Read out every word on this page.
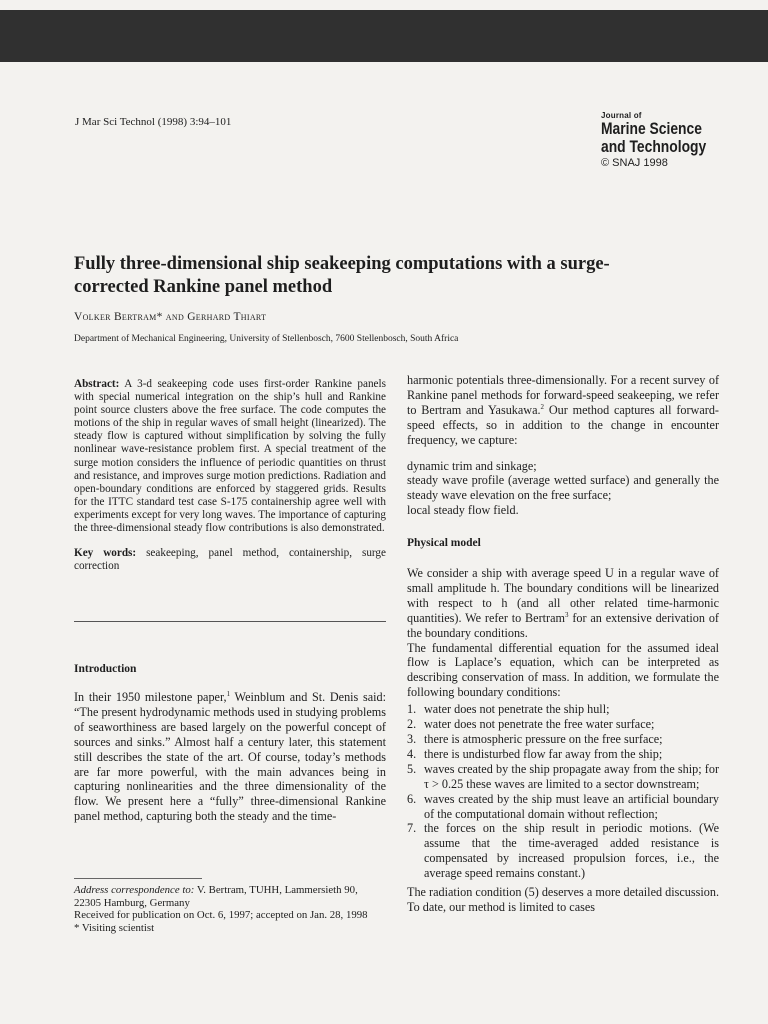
J Mar Sci Technol (1998) 3:94–101
Journal of
Marine Science
and Technology
© SNAJ 1998
Fully three-dimensional ship seakeeping computations with a surge-corrected Rankine panel method
Volker Bertram* and Gerhard Thiart
Department of Mechanical Engineering, University of Stellenbosch, 7600 Stellenbosch, South Africa

Abstract: A 3-d seakeeping code uses first-order Rankine panels with special numerical integration on the ship’s hull and Rankine point source clusters above the free surface. The code computes the motions of the ship in regular waves of small height (linearized). The steady flow is captured without simplification by solving the fully nonlinear wave-resistance problem first. A special treatment of the surge motion considers the influence of periodic quantities on thrust and resistance, and improves surge motion predictions. Radiation and open-boundary conditions are enforced by staggered grids. Results for the ITTC standard test case S-175 containership agree well with experiments except for very long waves. The importance of capturing the three-dimensional steady flow contributions is also demonstrated.

Key words: seakeeping, panel method, containership, surge correction

Introduction

In their 1950 milestone paper,$^1$ Weinblum and St. Denis said: “The present hydrodynamic methods used in studying problems of seaworthiness are based largely on the powerful concept of sources and sinks.” Almost half a century later, this statement still describes the state of the art. Of course, today’s methods are far more powerful, with the main advances being in capturing nonlinearities and the three dimensionality of the flow. We present here a “fully” three-dimensional Rankine panel method, capturing both the steady and the time-

Address correspondence to: V. Bertram, TUHH, Lammersieth 90, 22305 Hamburg, Germany
Received for publication on Oct. 6, 1997; accepted on Jan. 28, 1998
* Visiting scientist

harmonic potentials three-dimensionally. For a recent survey of Rankine panel methods for forward-speed seakeeping, we refer to Bertram and Yasukawa.$^2$ Our method captures all forward-speed effects, so in addition to the change in encounter frequency, we capture:

dynamic trim and sinkage;

steady wave profile (average wetted surface) and generally the steady wave elevation on the free surface;

local steady flow field.

Physical model

We consider a ship with average speed U in a regular wave of small amplitude h. The boundary conditions will be linearized with respect to h (and all other related time-harmonic quantities). We refer to Bertram$^3$ for an extensive derivation of the boundary conditions.

The fundamental differential equation for the assumed ideal flow is Laplace’s equation, which can be interpreted as describing conservation of mass. In addition, we formulate the following boundary conditions:

1. water does not penetrate the ship hull;
2. water does not penetrate the free water surface;
3. there is atmospheric pressure on the free surface;
4. there is undisturbed flow far away from the ship;
5. waves created by the ship propagate away from the ship; for τ > 0.25 these waves are limited to a sector downstream;
6. waves created by the ship must leave an artificial boundary of the computational domain without reflection;
7. the forces on the ship result in periodic motions. (We assume that the time-averaged added resistance is compensated by increased propulsion forces, i.e., the average speed remains constant.)

The radiation condition (5) deserves a more detailed discussion. To date, our method is limited to cases
